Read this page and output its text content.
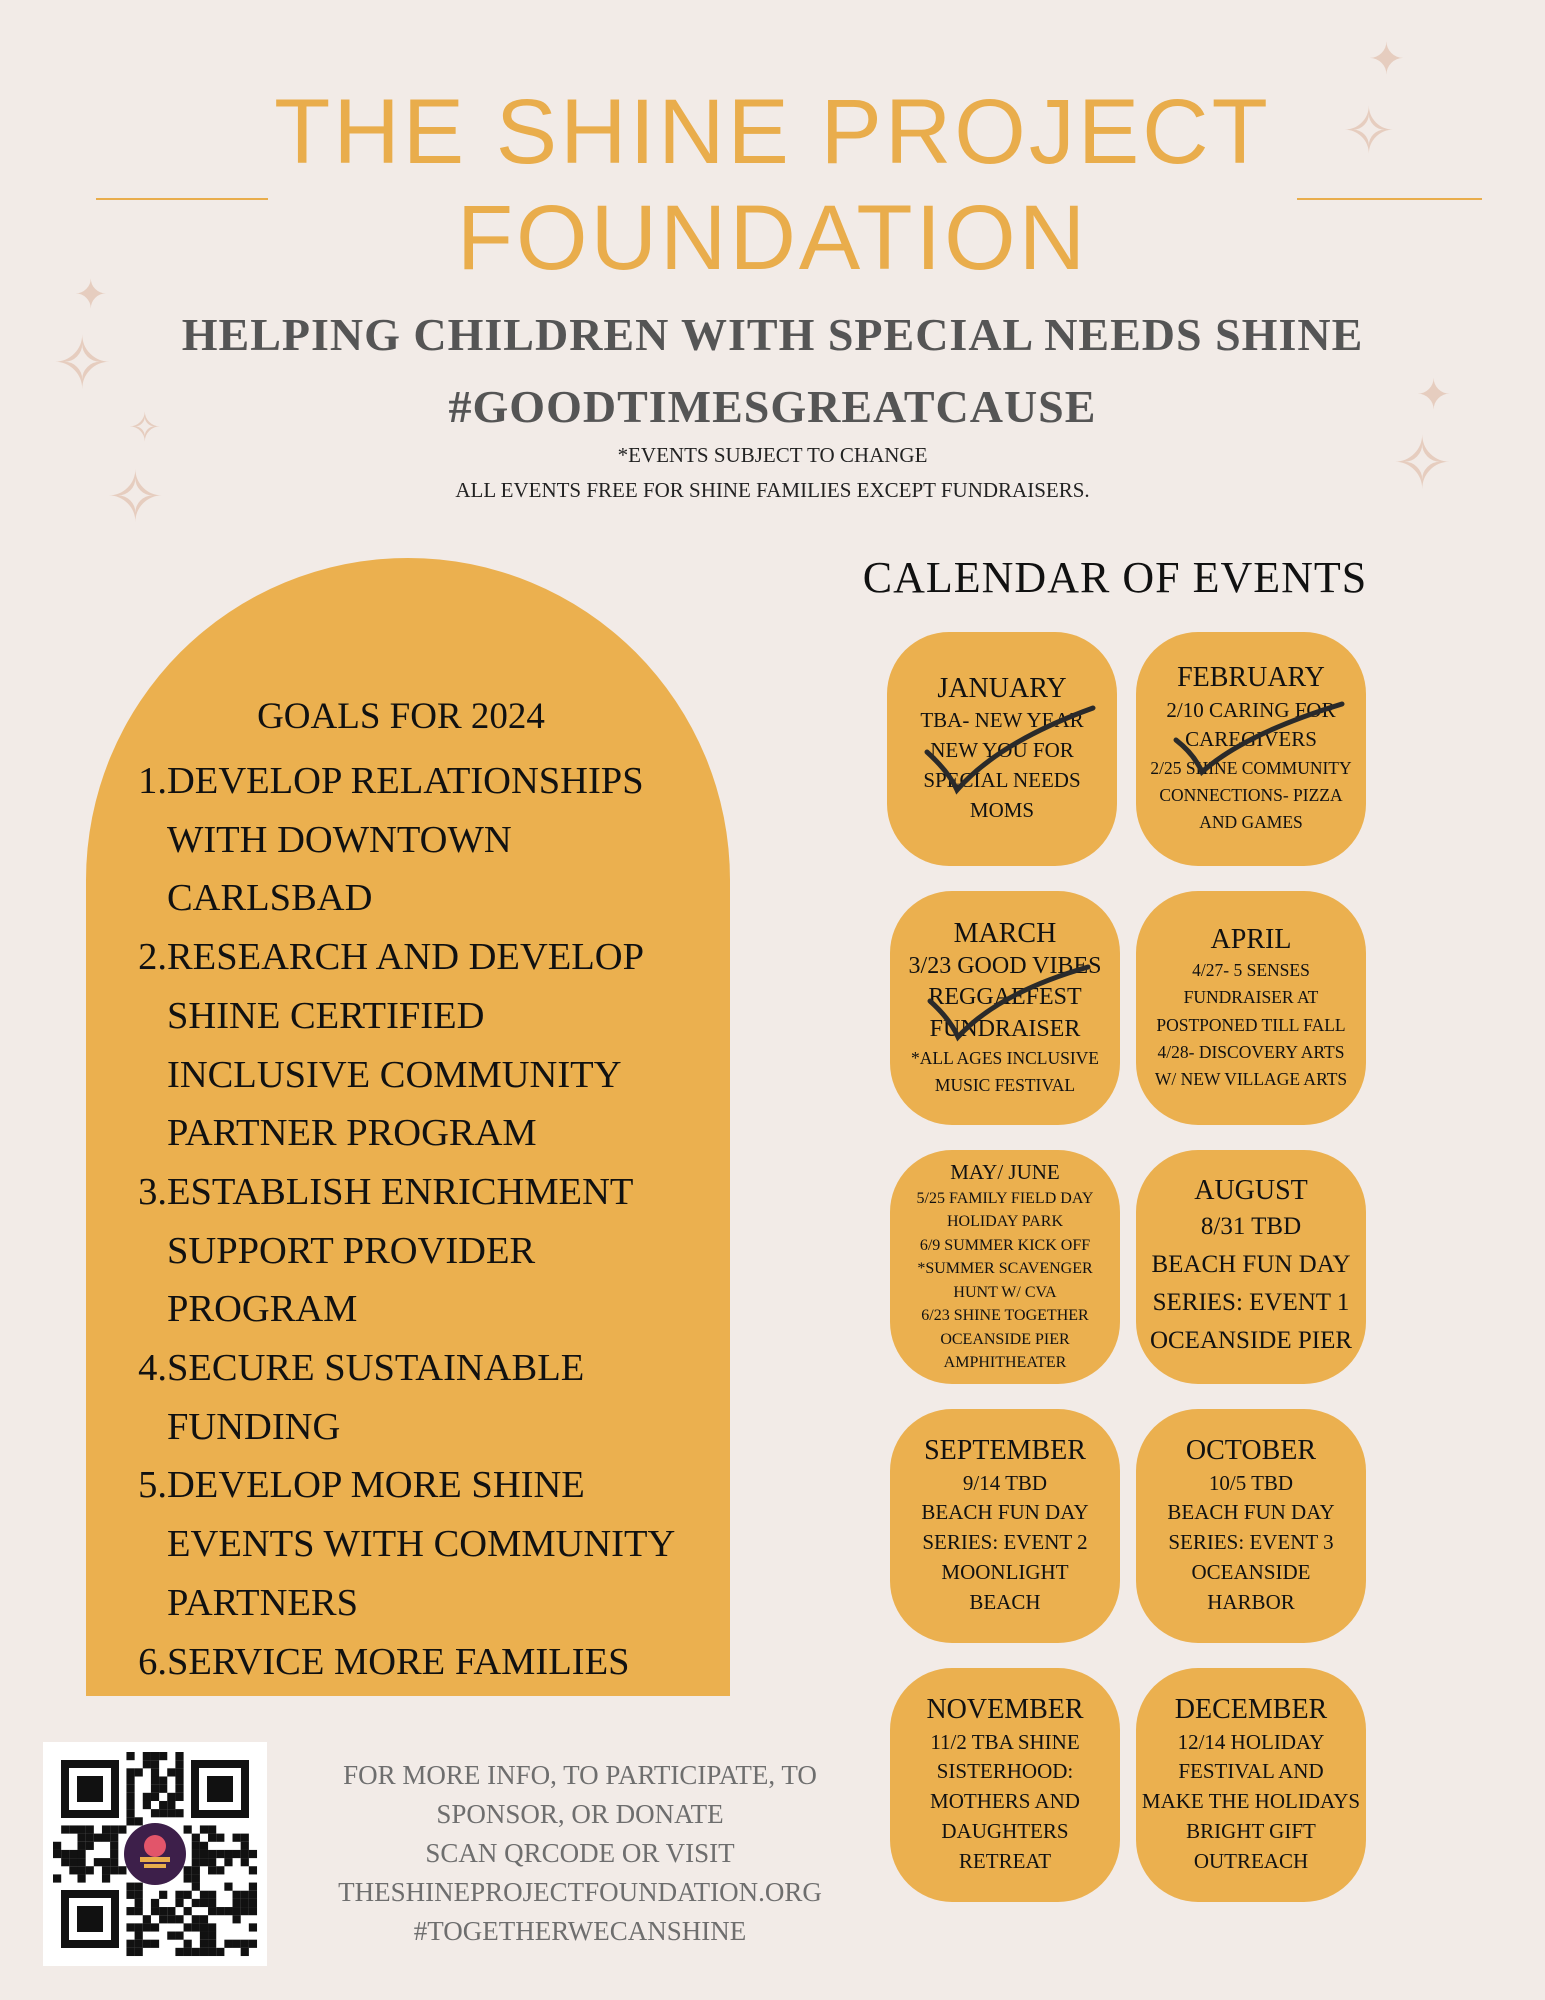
✦
✧
✦
✧
✧
✧
✦
✧
THE SHINE PROJECT
FOUNDATION
HELPING CHILDREN WITH SPECIAL NEEDS SHINE
#GOODTIMESGREATCAUSE
*EVENTS SUBJECT TO CHANGE
ALL EVENTS FREE FOR SHINE FAMILIES EXCEPT FUNDRAISERS.
GOALS FOR 2024
1. DEVELOP RELATIONSHIPS
WITH DOWNTOWN
CARLSBAD
2. RESEARCH AND DEVELOP
SHINE CERTIFIED
INCLUSIVE COMMUNITY
PARTNER PROGRAM
3. ESTABLISH ENRICHMENT
SUPPORT PROVIDER
PROGRAM
4. SECURE SUSTAINABLE
FUNDING
5. DEVELOP MORE SHINE
EVENTS WITH COMMUNITY
PARTNERS
6. SERVICE MORE FAMILIES
CALENDAR OF EVENTS
JANUARY
TBA- NEW YEAR
NEW YOU FOR
SPECIAL NEEDS
MOMS
FEBRUARY
2/10 CARING FOR
CAREGIVERS
2/25 SHINE COMMUNITY
CONNECTIONS- PIZZA
AND GAMES
MARCH
3/23 GOOD VIBES
REGGAEFEST
FUNDRAISER
*ALL AGES INCLUSIVE
MUSIC FESTIVAL
APRIL
4/27- 5 SENSES
FUNDRAISER AT
POSTPONED TILL FALL
4/28- DISCOVERY ARTS
W/ NEW VILLAGE ARTS
MAY/ JUNE
5/25 FAMILY FIELD DAY
HOLIDAY PARK
6/9 SUMMER KICK OFF
*SUMMER SCAVENGER
HUNT W/ CVA
6/23 SHINE TOGETHER
OCEANSIDE PIER
AMPHITHEATER
AUGUST
8/31 TBD
BEACH FUN DAY
SERIES: EVENT 1
OCEANSIDE PIER
SEPTEMBER
9/14 TBD
BEACH FUN DAY
SERIES: EVENT 2
MOONLIGHT
BEACH
OCTOBER
10/5 TBD
BEACH FUN DAY
SERIES: EVENT 3
OCEANSIDE
HARBOR
NOVEMBER
11/2 TBA SHINE
SISTERHOOD:
MOTHERS AND
DAUGHTERS
RETREAT
DECEMBER
12/14 HOLIDAY
FESTIVAL AND
MAKE THE HOLIDAYS
BRIGHT GIFT
OUTREACH
FOR MORE INFO, TO PARTICIPATE, TO
SPONSOR, OR DONATE
SCAN QRCODE OR VISIT
THESHINEPROJECTFOUNDATION.ORG
#TOGETHERWECANSHINE
